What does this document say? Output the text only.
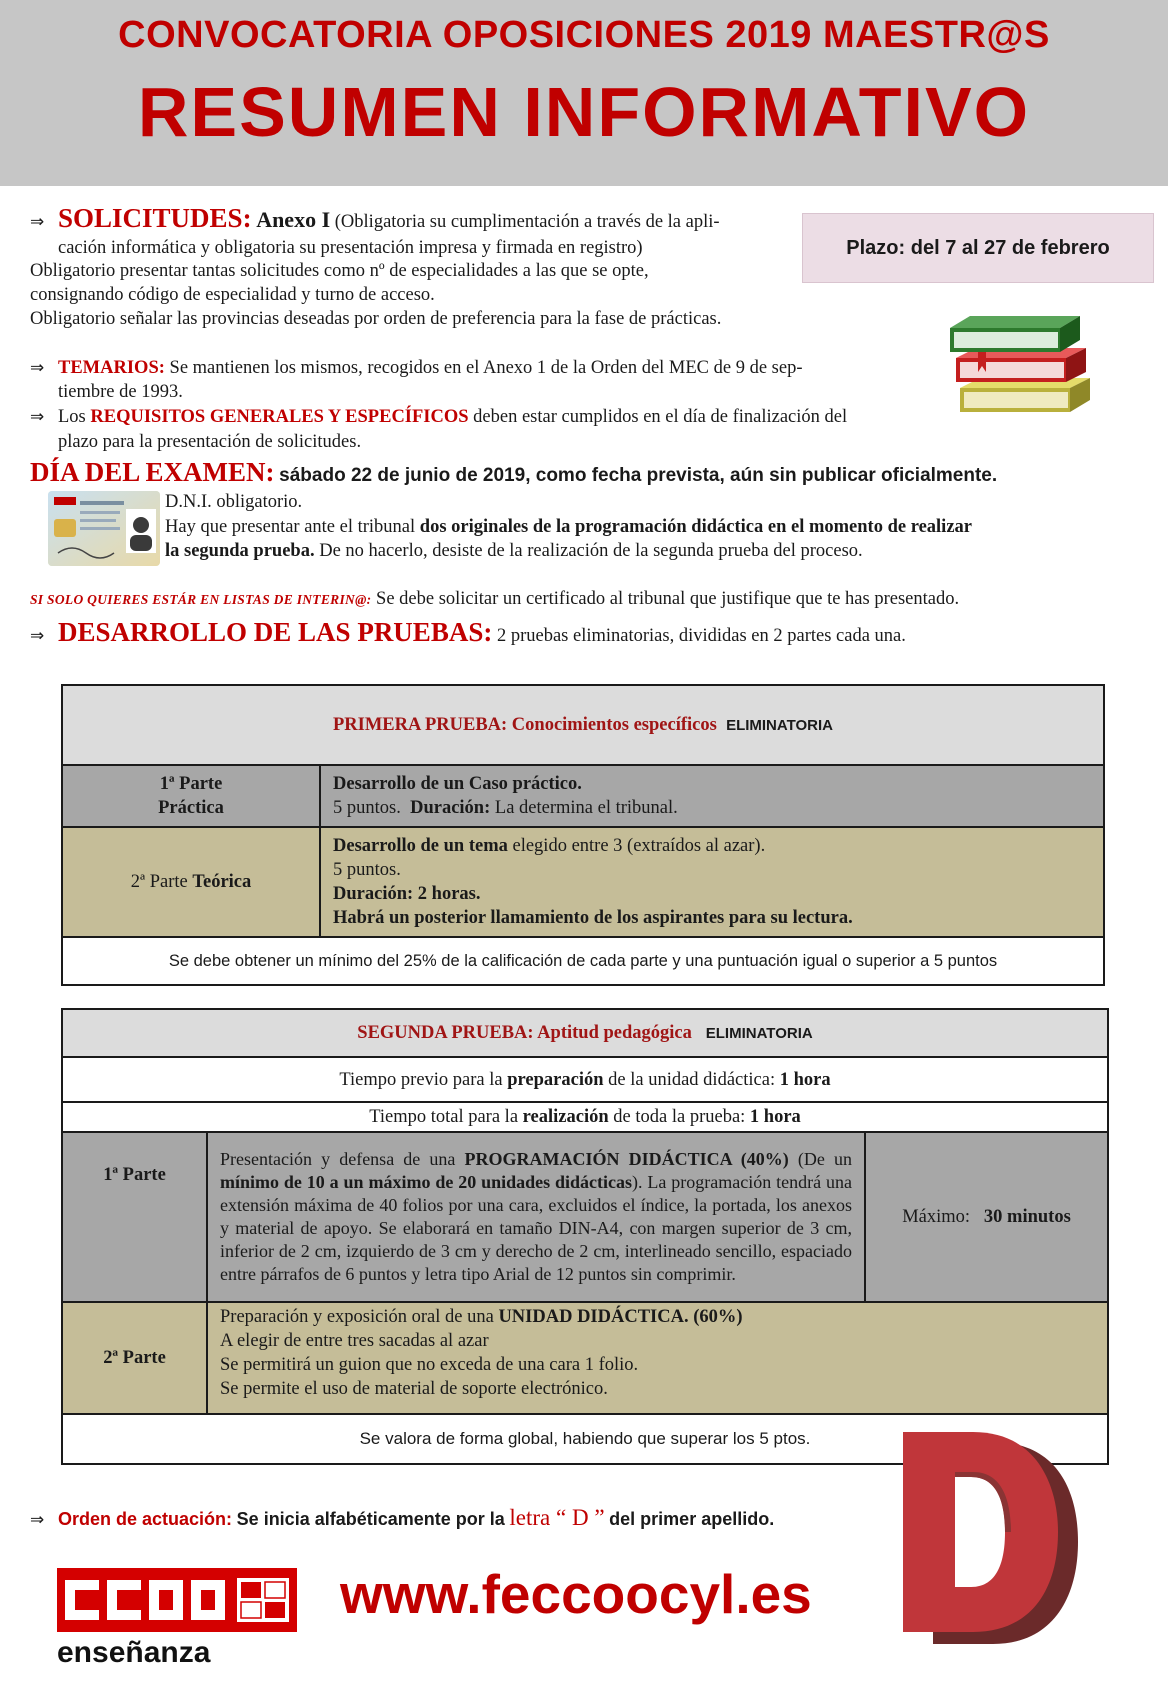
CONVOCATORIA OPOSICIONES 2019 MAESTR@S
RESUMEN INFORMATIVO
⇒ SOLICITUDES: Anexo I (Obligatoria su cumplimentación a través de la apli-
cación informática y obligatoria su presentación impresa y firmada en registro)
Obligatorio presentar tantas solicitudes como nº de especialidades a las que se opte,
consignando código de especialidad y turno de acceso.
Obligatorio señalar las provincias deseadas por orden de preferencia para la fase de prácticas.
Plazo: del 7 al 27 de febrero
⇒ TEMARIOS: Se mantienen los mismos, recogidos en el Anexo 1 de la Orden del MEC de 9 de sep-
tiembre de 1993.
⇒ Los REQUISITOS GENERALES Y ESPECÍFICOS deben estar cumplidos en el día de finalización del
plazo para la presentación de solicitudes.
DÍA DEL EXAMEN: sábado 22 de junio de 2019, como fecha prevista, aún sin publicar oficialmente.
D.N.I. obligatorio.
Hay que presentar ante el tribunal dos originales de la programación didáctica en el momento de realizar
la segunda prueba. De no hacerlo, desiste de la realización de la segunda prueba del proceso.
SI SOLO QUIERES ESTÁR EN LISTAS DE INTERIN@: Se debe solicitar un certificado al tribunal que justifique que te has presentado.
⇒ DESARROLLO DE LAS PRUEBAS: 2 pruebas eliminatorias, divididas en 2 partes cada una.
PRIMERA PRUEBA: Conocimientos específicos ELIMINATORIA	
1ª Parte
Práctica	Desarrollo de un Caso práctico.
5 puntos. Duración: La determina el tribunal.
2ª Parte Teórica	Desarrollo de un tema elegido entre 3 (extraídos al azar).
5 puntos.
Duración: 2 horas.
Habrá un posterior llamamiento de los aspirantes para su lectura.
Se debe obtener un mínimo del 25% de la calificación de cada parte y una puntuación igual o superior a 5 puntos	
SEGUNDA PRUEBA: Aptitud pedagógica ELIMINATORIA		
Tiempo previo para la preparación de la unidad didáctica: 1 hora		
Tiempo total para la realización de toda la prueba: 1 hora		
1ª Parte	Presentación y defensa de una PROGRAMACIÓN DIDÁCTICA (40%) (De un mínimo de 10 a un máximo de 20 unidades didácticas). La programación tendrá una extensión máxima de 40 folios por una cara, excluidos el índice, la portada, los anexos y material de apoyo. Se elaborará en tamaño DIN-A4, con margen superior de 3 cm, inferior de 2 cm, izquierdo de 3 cm y derecho de 2 cm, interlineado sencillo, espaciado entre párrafos de 6 puntos y letra tipo Arial de 12 puntos sin comprimir.	Máximo: 30 minutos
2ª Parte	Preparación y exposición oral de una UNIDAD DIDÁCTICA. (60%)
A elegir de entre tres sacadas al azar
Se permitirá un guion que no exceda de una cara 1 folio.
Se permite el uso de material de soporte electrónico.	
Se valora de forma global, habiendo que superar los 5 ptos.		
⇒ Orden de actuación: Se inicia alfabéticamente por la letra “ D ” del primer apellido.
enseñanza
www.feccoocyl.es
